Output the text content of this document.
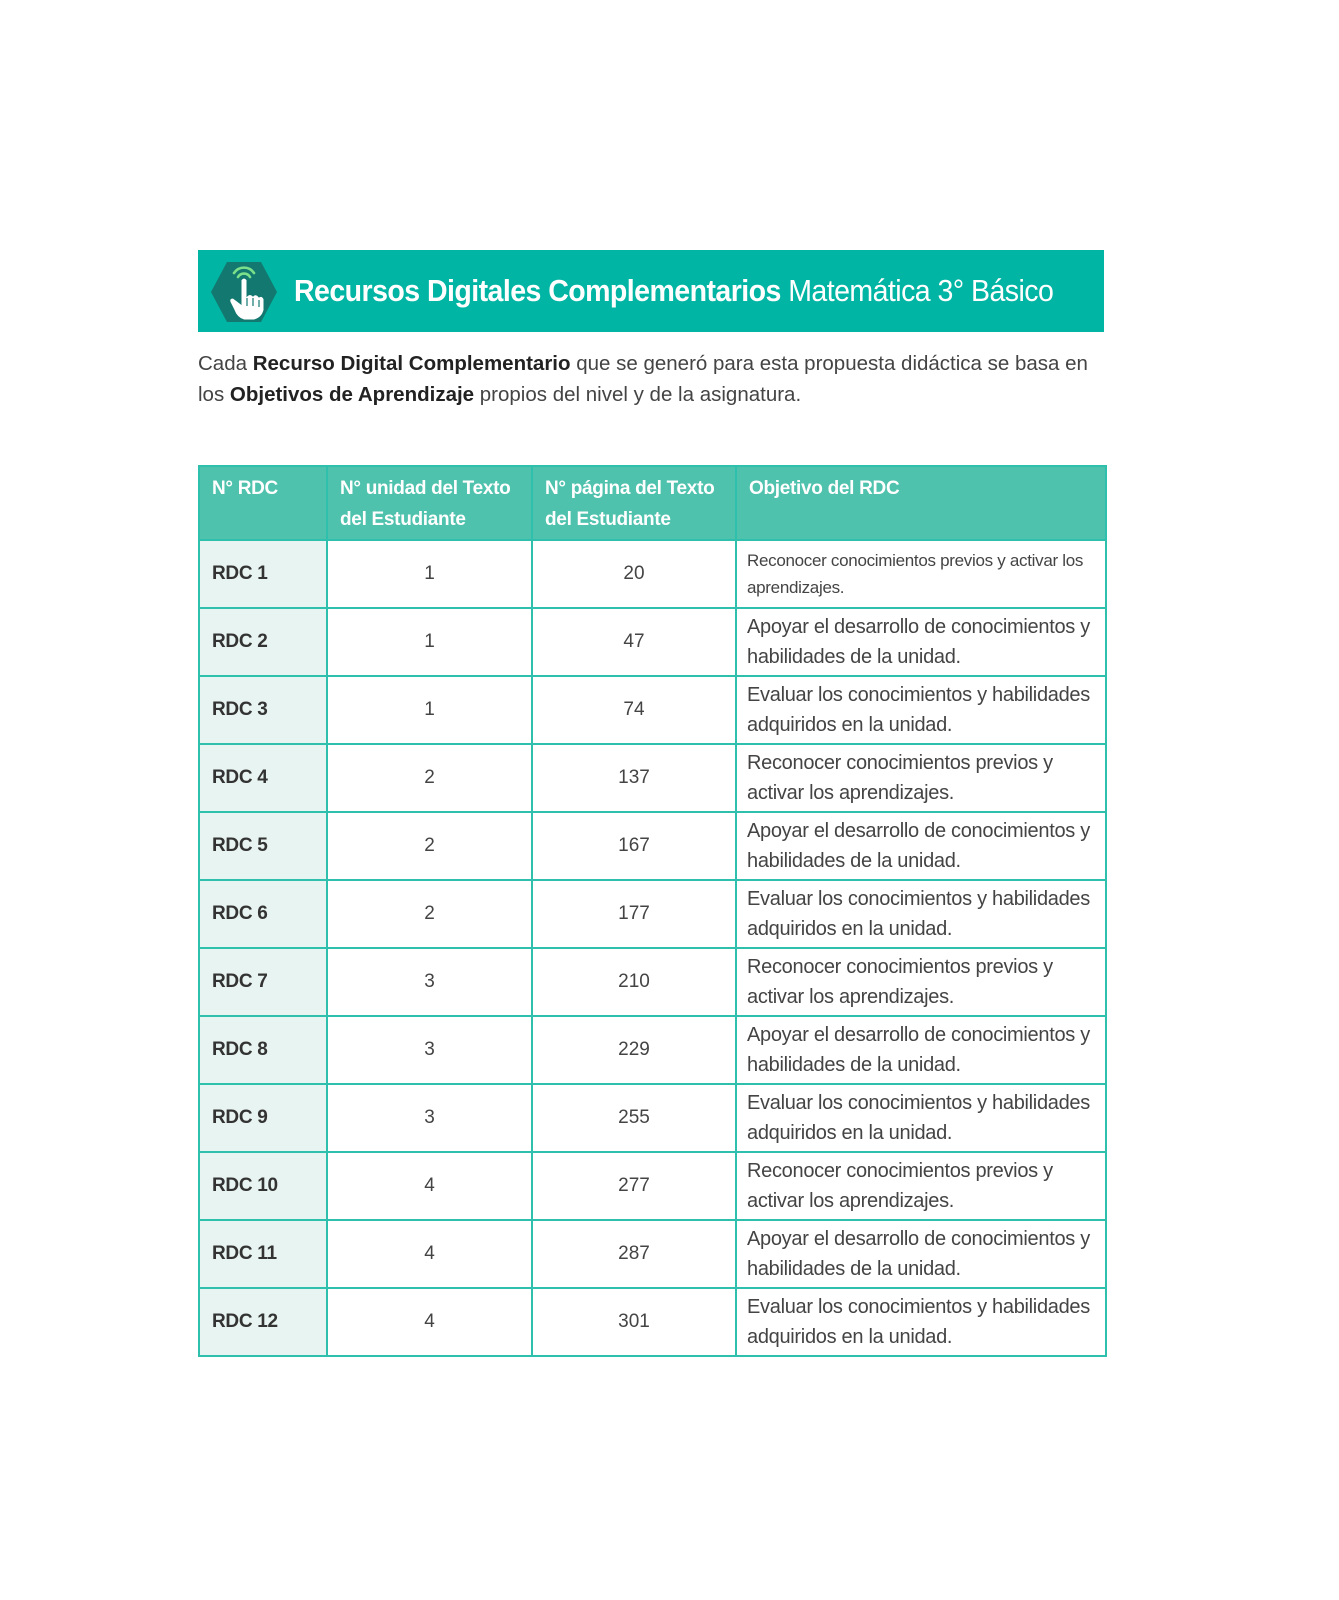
Recursos Digitales Complementarios Matemática 3° Básico
Cada Recurso Digital Complementario que se generó para esta propuesta didáctica se basa en los Objetivos de Aprendizaje propios del nivel y de la asignatura.
N° RDC	N° unidad del Texto del Estudiante	N° página del Texto del Estudiante	Objetivo del RDC
RDC 1	1	20	Reconocer conocimientos previos y activar los aprendizajes.
RDC 2	1	47	Apoyar el desarrollo de conocimientos y habilidades de la unidad.
RDC 3	1	74	Evaluar los conocimientos y habilidades adquiridos en la unidad.
RDC 4	2	137	Reconocer conocimientos previos y activar los aprendizajes.
RDC 5	2	167	Apoyar el desarrollo de conocimientos y habilidades de la unidad.
RDC 6	2	177	Evaluar los conocimientos y habilidades adquiridos en la unidad.
RDC 7	3	210	Reconocer conocimientos previos y activar los aprendizajes.
RDC 8	3	229	Apoyar el desarrollo de conocimientos y habilidades de la unidad.
RDC 9	3	255	Evaluar los conocimientos y habilidades adquiridos en la unidad.
RDC 10	4	277	Reconocer conocimientos previos y activar los aprendizajes.
RDC 11	4	287	Apoyar el desarrollo de conocimientos y habilidades de la unidad.
RDC 12	4	301	Evaluar los conocimientos y habilidades adquiridos en la unidad.
